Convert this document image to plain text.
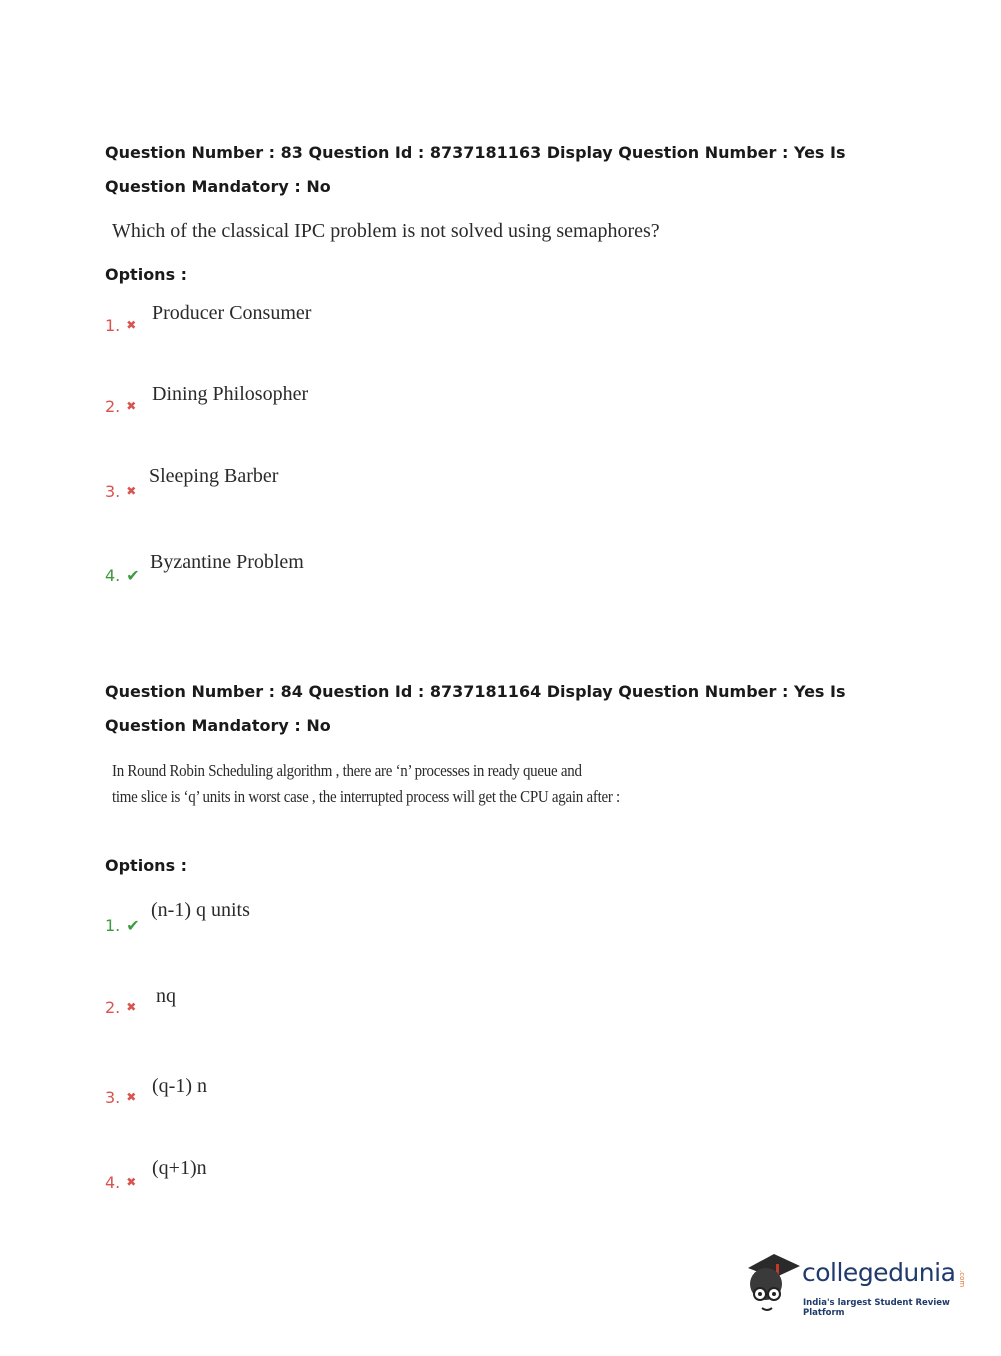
Question Number : 83 Question Id : 8737181163 Display Question Number : Yes Is Question Mandatory : No

Which of the classical IPC problem is not solved using semaphores?
Options :
1. ✖
Producer Consumer
2. ✖
Dining Philosopher
3. ✖
Sleeping Barber
4. ✔
Byzantine Problem

Question Number : 84 Question Id : 8737181164 Display Question Number : Yes Is Question Mandatory : No

In Round Robin Scheduling algorithm , there are ‘n’ processes in ready queue and
time slice is ‘q’ units in worst case , the interrupted process will get the CPU again after :
Options :
1. ✔
(n-1) q units
2. ✖ nq
3. ✖ (q-1) n
4. ✖
(q+1)n
collegedunia .com
India's largest Student Review Platform
